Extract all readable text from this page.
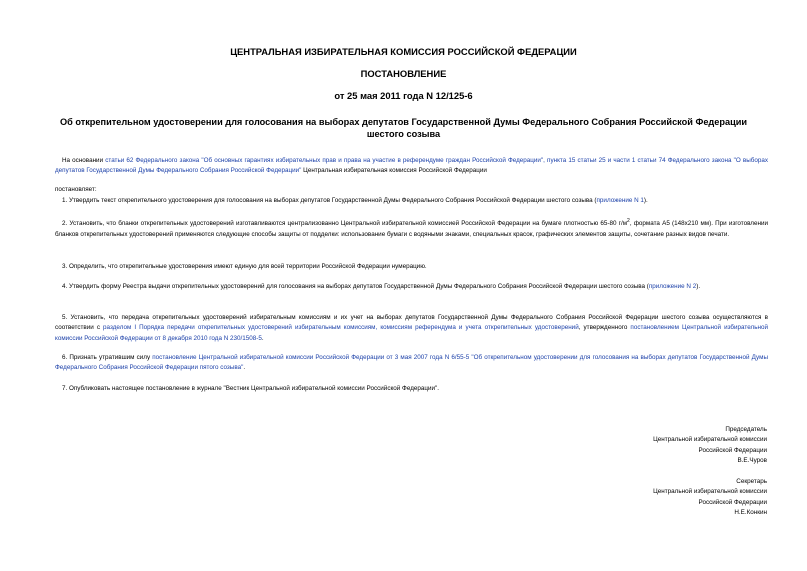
ЦЕНТРАЛЬНАЯ ИЗБИРАТЕЛЬНАЯ КОМИССИЯ РОССИЙСКОЙ ФЕДЕРАЦИИ
ПОСТАНОВЛЕНИЕ
от 25 мая 2011 года N 12/125-6
Об открепительном удостоверении для голосования на выборах депутатов Государственной Думы Федерального Собрания Российской Федерации шестого созыва
На основании статьи 62 Федерального закона "Об основных гарантиях избирательных прав и права на участие в референдуме граждан Российской Федерации", пункта 15 статьи 25 и части 1 статьи 74 Федерального закона "О выборах депутатов Государственной Думы Федерального Собрания Российской Федерации" Центральная избирательная комиссия Российской Федерации
постановляет:
1. Утвердить текст открепительного удостоверения для голосования на выборах депутатов Государственной Думы Федерального Собрания Российской Федерации шестого созыва (приложение N 1).
2. Установить, что бланки открепительных удостоверений изготавливаются централизованно Центральной избирательной комиссией Российской Федерации на бумаге плотностью 65-80 $г/м^2$, формата А5 (148х210 мм). При изготовлении бланков открепительных удостоверений применяются следующие способы защиты от подделки: использование бумаги с водяными знаками, специальных красок, графических элементов защиты, сочетание разных видов печати.
3. Определить, что открепительные удостоверения имеют единую для всей территории Российской Федерации нумерацию.
4. Утвердить форму Реестра выдачи открепительных удостоверений для голосования на выборах депутатов Государственной Думы Федерального Собрания Российской Федерации шестого созыва (приложение N 2).
5. Установить, что передача открепительных удостоверений избирательным комиссиям и их учет на выборах депутатов Государственной Думы Федерального Собрания Российской Федерации шестого созыва осуществляются в соответствии с разделом I Порядка передачи открепительных удостоверений избирательным комиссиям, комиссиям референдума и учета открепительных удостоверений, утвержденного постановлением Центральной избирательной комиссии Российской Федерации от 8 декабря 2010 года N 230/1508-5.
6. Признать утратившим силу постановление Центральной избирательной комиссии Российской Федерации от 3 мая 2007 года N 6/55-5 "Об открепительном удостоверении для голосования на выборах депутатов Государственной Думы Федерального Собрания Российской Федерации пятого созыва".
7. Опубликовать настоящее постановление в журнале "Вестник Центральной избирательной комиссии Российской Федерации".
Председатель
Центральной избирательной комиссии
Российской Федерации
В.Е.Чуров
Секретарь
Центральной избирательной комиссии
Российской Федерации
Н.Е.Конкин
